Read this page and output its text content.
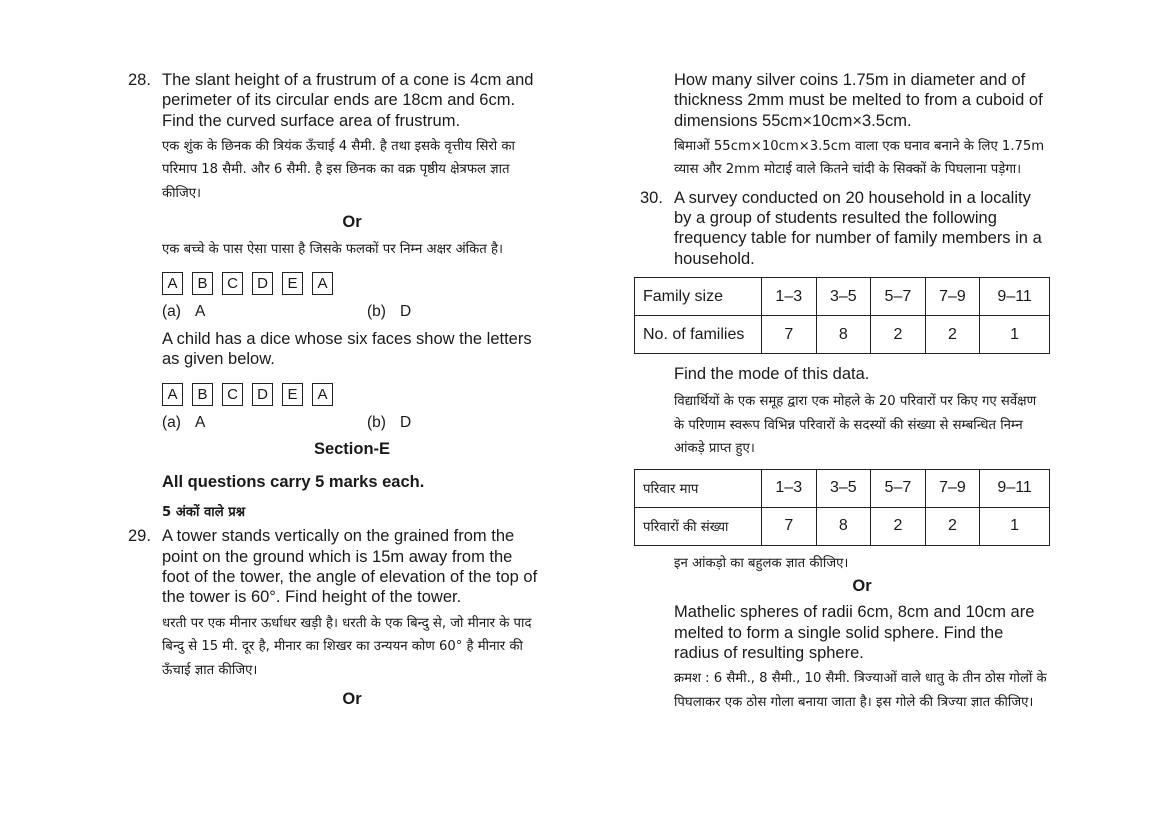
28. The slant height of a frustrum of a cone is 4cm and perimeter of its circular ends are 18cm and 6cm. Find the curved surface area of frustrum.

एक शुंक के छिनक की त्रियंक ऊँचाई 4 सैमी. है तथा इसके वृत्तीय सिरो का परिमाप 18 सैमी. और 6 सैमी. है इस छिनक का वक्र पृष्ठीय क्षेत्रफल ज्ञात कीजिए।

Or

एक बच्चे के पास ऐसा पासा है जिसके फलकों पर निम्न अक्षर अंकित है।

A	B	C	D	E	A
(a) A	(b) D

A child has a dice whose six faces show the letters as given below.

A	B	C	D	E	A
(a) A	(b) D
Section-E

All questions carry 5 marks each.

5 अंकों वाले प्रश्न

29. A tower stands vertically on the grained from the point on the ground which is 15m away from the foot of the tower, the angle of elevation of the top of the tower is 60°. Find height of the tower.

धरती पर एक मीनार ऊर्धाधर खड़ी है। धरती के एक बिन्दु से, जो मीनार के पाद बिन्दु से 15 मी. दूर है, मीनार का शिखर का उन्ययन कोण 60° है मीनार की ऊँचाई ज्ञात कीजिए।

Or

How many silver coins 1.75m in diameter and of thickness 2mm must be melted to from a cuboid of dimensions 55cm×10cm×3.5cm.

बिमाओं 55cm×10cm×3.5cm वाला एक घनाव बनाने के लिए 1.75m व्यास और 2mm मोटाई वाले कितने चांदी के सिक्कों के पिघलाना पड़ेगा।

30. A survey conducted on 20 household in a locality by a group of students resulted the following frequency table for number of family members in a household.

Family size	1–3	3–5	5–7	7–9	9–11
No. of families	7	8	2	2	1

Find the mode of this data.

विद्यार्थियों के एक समूह द्वारा एक मोहले के 20 परिवारों पर किए गए सर्वेक्षण के परिणाम स्वरूप विभिन्न परिवारों के सदस्यों की संख्या से सम्बन्धित निम्न आंकड़े प्राप्त हुए।

परिवार माप	1–3	3–5	5–7	7–9	9–11
परिवारों की संख्या	7	8	2	2	1

इन आंकड़ो का बहुलक ज्ञात कीजिए।

Or

Mathelic spheres of radii 6cm, 8cm and 10cm are melted to form a single solid sphere. Find the radius of resulting sphere.

क्रमश : 6 सैमी., 8 सैमी., 10 सैमी. त्रिज्याओं वाले धातु के तीन ठोस गोलों के पिघलाकर एक ठोस गोला बनाया जाता है। इस गोले की त्रिज्या ज्ञात कीजिए।
